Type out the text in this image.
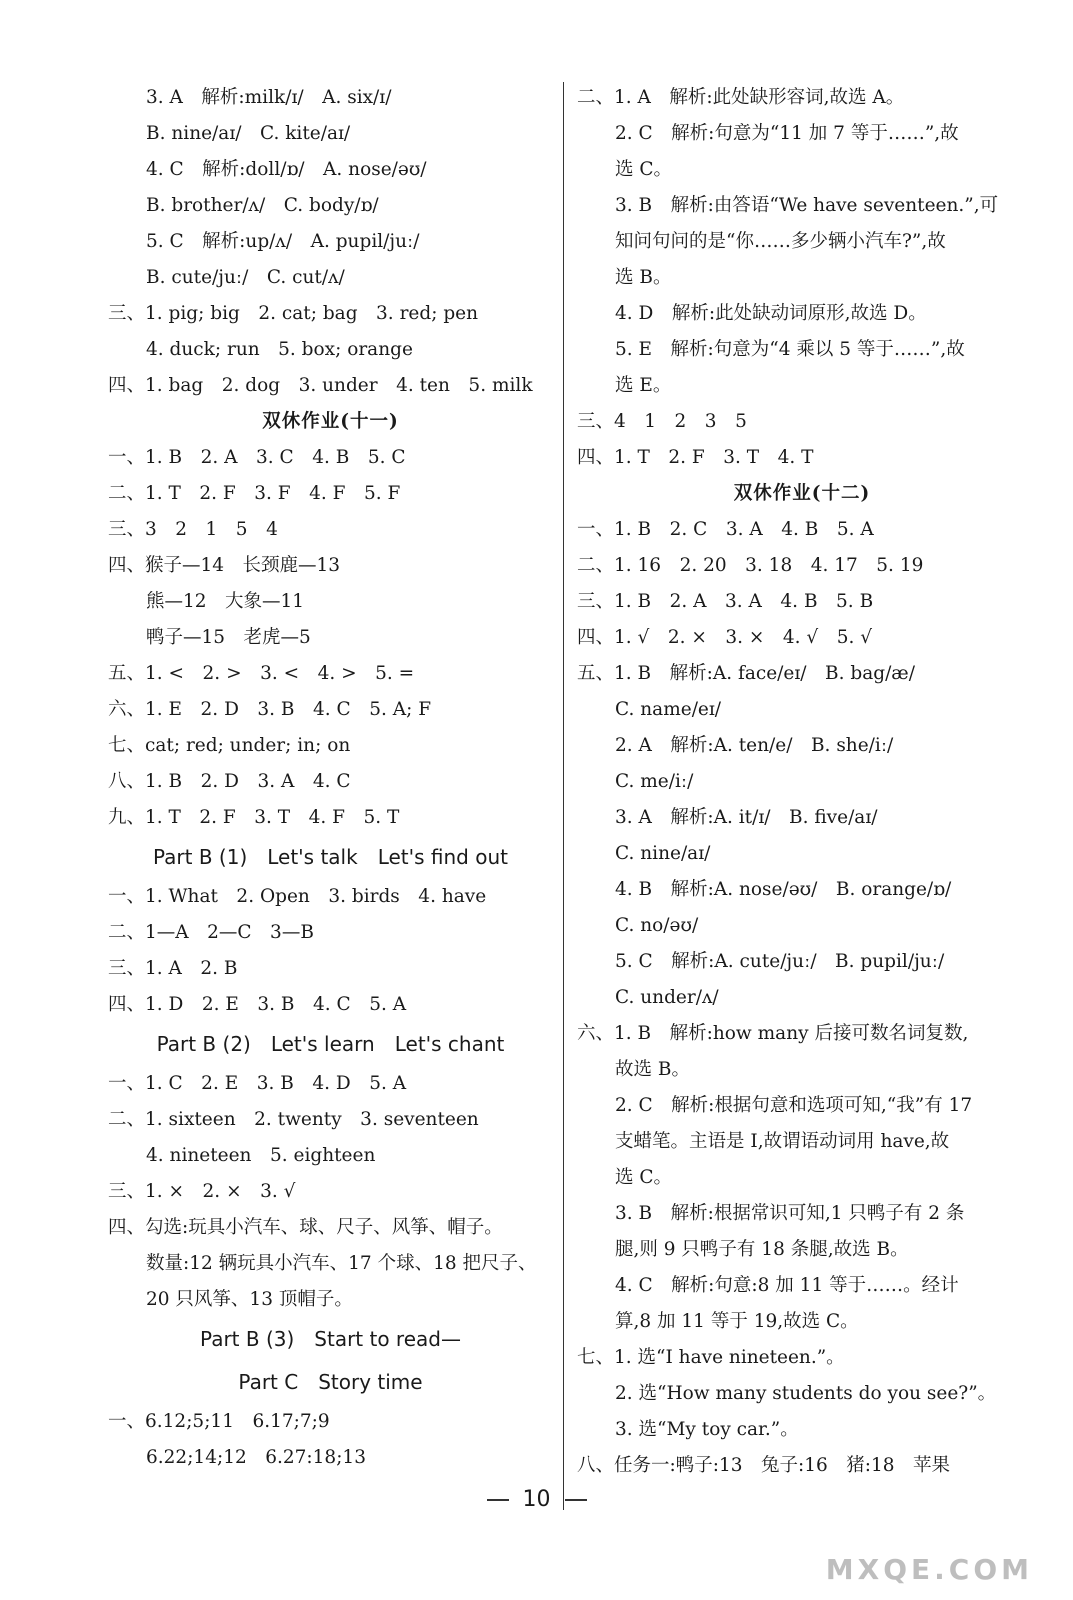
3. A　解析:milk/ɪ/　A. six/ɪ/
B. nine/aɪ/　C. kite/aɪ/
4. C　解析:doll/ɒ/　A. nose/əʊ/
B. brother/ʌ/　C. body/ɒ/
5. C　解析:up/ʌ/　A. pupil/juː/
B. cute/juː/　C. cut/ʌ/
三、1. pig; big　2. cat; bag　3. red; pen
4. duck; run　5. box; orange
四、1. bag　2. dog　3. under　4. ten　5. milk
双休作业(十一)
一、1. B　2. A　3. C　4. B　5. C
二、1. T　2. F　3. F　4. F　5. F
三、3　2　1　5　4
四、猴子—14　长颈鹿—13
熊—12　大象—11
鸭子—15　老虎—5
五、1. <　2. >　3. <　4. >　5. =
六、1. E　2. D　3. B　4. C　5. A; F
七、cat; red; under; in; on
八、1. B　2. D　3. A　4. C
九、1. T　2. F　3. T　4. F　5. T
Part B (1)　Let's talk　Let's find out
一、1. What　2. Open　3. birds　4. have
二、1—A　2—C　3—B
三、1. A　2. B
四、1. D　2. E　3. B　4. C　5. A
Part B (2)　Let's learn　Let's chant
一、1. C　2. E　3. B　4. D　5. A
二、1. sixteen　2. twenty　3. seventeen
4. nineteen　5. eighteen
三、1. ×　2. ×　3. √
四、勾选:玩具小汽车、球、尺子、风筝、帽子。
数量:12 辆玩具小汽车、17 个球、18 把尺子、
20 只风筝、13 顶帽子。
Part B (3)　Start to read—
Part C　Story time
一、6.12;5;11　6.17;7;9
6.22;14;12　6.27:18;13
二、1. A　解析:此处缺形容词,故选 A。
2. C　解析:句意为“11 加 7 等于……”,故
选 C。
3. B　解析:由答语“We have seventeen.”,可
知问句问的是“你……多少辆小汽车?”,故
选 B。
4. D　解析:此处缺动词原形,故选 D。
5. E　解析:句意为“4 乘以 5 等于……”,故
选 E。
三、4　1　2　3　5
四、1. T　2. F　3. T　4. T
双休作业(十二)
一、1. B　2. C　3. A　4. B　5. A
二、1. 16　2. 20　3. 18　4. 17　5. 19
三、1. B　2. A　3. A　4. B　5. B
四、1. √　2. ×　3. ×　4. √　5. √
五、1. B　解析:A. face/eɪ/　B. bag/æ/
C. name/eɪ/
2. A　解析:A. ten/e/　B. she/iː/
C. me/iː/
3. A　解析:A. it/ɪ/　B. five/aɪ/
C. nine/aɪ/
4. B　解析:A. nose/əʊ/　B. orange/ɒ/
C. no/əʊ/
5. C　解析:A. cute/juː/　B. pupil/juː/
C. under/ʌ/
六、1. B　解析:how many 后接可数名词复数,
故选 B。
2. C　解析:根据句意和选项可知,“我”有 17
支蜡笔。主语是 I,故谓语动词用 have,故
选 C。
3. B　解析:根据常识可知,1 只鸭子有 2 条
腿,则 9 只鸭子有 18 条腿,故选 B。
4. C　解析:句意:8 加 11 等于……。经计
算,8 加 11 等于 19,故选 C。
七、1. 选“I have nineteen.”。
2. 选“How many students do you see?”。
3. 选“My toy car.”。
八、任务一:鸭子:13　兔子:16　猪:18　苹果
10
MXQE.COM
